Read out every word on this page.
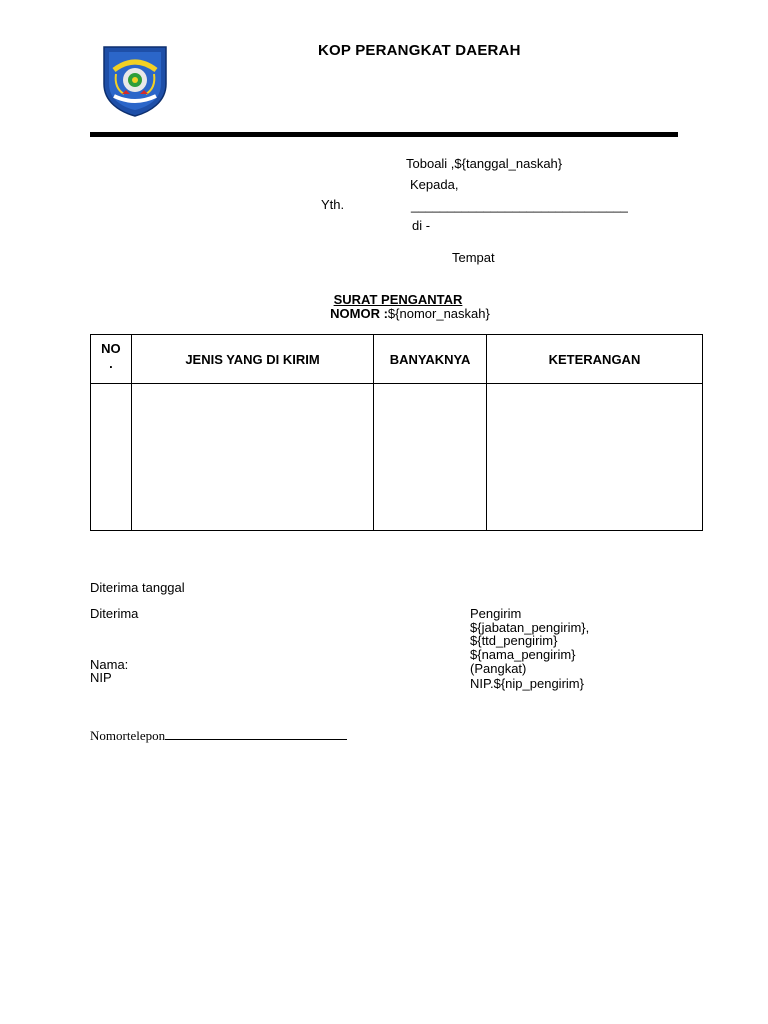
KOP PERANGKAT DAERAH
Toboali ,${tanggal_naskah}
Kepada,
Yth.	______________________________
di -
Tempat
SURAT PENGANTAR
NOMOR :${nomor_naskah}
NO
.	JENIS YANG DI KIRIM	BANYAKNYA	KETERANGAN

Diterima tanggal
Diterima
Nama:
NIP
Pengirim
${jabatan_pengirim},
${ttd_pengirim}
${nama_pengirim}
(Pangkat)
NIP.${nip_pengirim}
Nomortelepon
